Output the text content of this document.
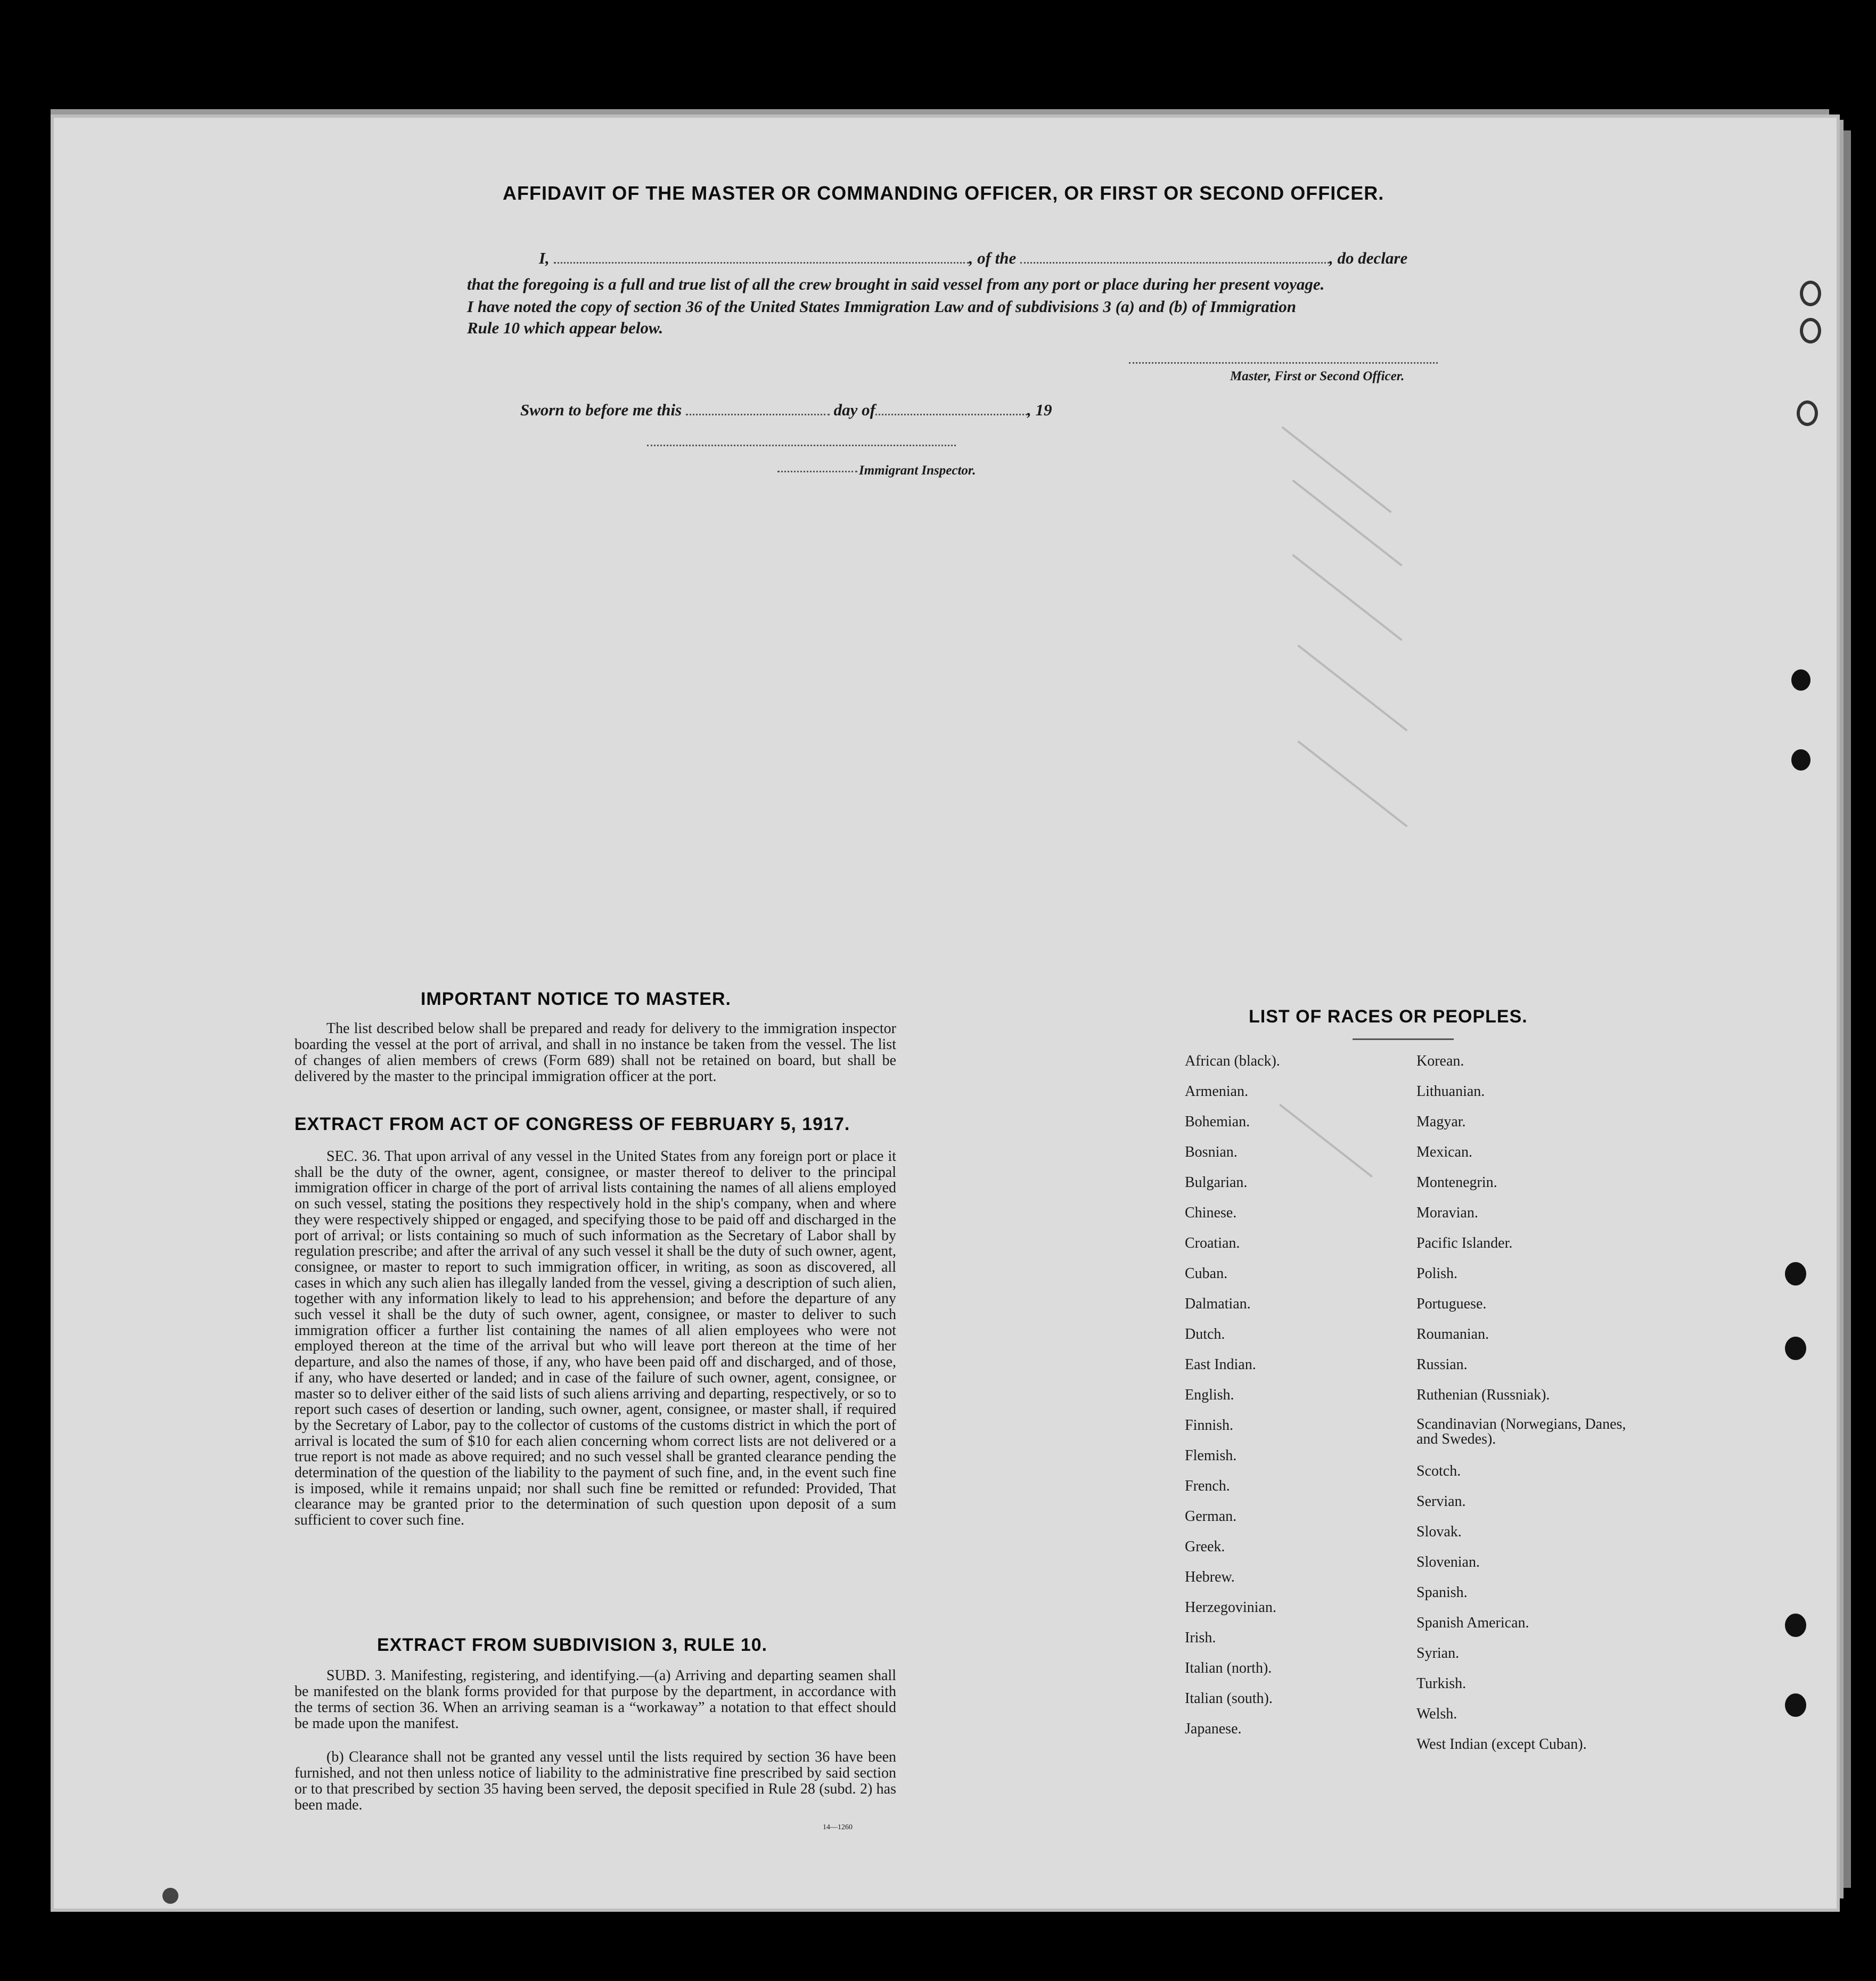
AFFIDAVIT OF THE MASTER OR COMMANDING OFFICER, OR FIRST OR SECOND OFFICER.
I,	, of the	, do declare
that the foregoing is a full and true list of all the crew brought in said vessel from any port or place during her present voyage.
I have noted the copy of section 36 of the United States Immigration Law and of subdivisions 3 (a) and (b) of Immigration
Rule 10 which appear below.
Master, First or Second Officer.
Sworn to before me this	day of	, 19
Immigrant Inspector.
IMPORTANT NOTICE TO MASTER.
The list described below shall be prepared and ready for delivery to the immigration inspector boarding the vessel at the port of arrival, and shall in no instance be taken from the vessel. The list of changes of alien members of crews (Form 689) shall not be retained on board, but shall be delivered by the master to the principal immigration officer at the port.
EXTRACT FROM ACT OF CONGRESS OF FEBRUARY 5, 1917.
SEC. 36. That upon arrival of any vessel in the United States from any foreign port or place it shall be the duty of the owner, agent, consignee, or master thereof to deliver to the principal immigration officer in charge of the port of arrival lists containing the names of all aliens employed on such vessel, stating the positions they respectively hold in the ship's company, when and where they were respectively shipped or engaged, and specifying those to be paid off and discharged in the port of arrival; or lists containing so much of such information as the Secretary of Labor shall by regulation prescribe; and after the arrival of any such vessel it shall be the duty of such owner, agent, consignee, or master to report to such immigration officer, in writing, as soon as discovered, all cases in which any such alien has illegally landed from the vessel, giving a description of such alien, together with any information likely to lead to his apprehension; and before the departure of any such vessel it shall be the duty of such owner, agent, consignee, or master to deliver to such immigration officer a further list containing the names of all alien employees who were not employed thereon at the time of the arrival but who will leave port thereon at the time of her departure, and also the names of those, if any, who have been paid off and discharged, and of those, if any, who have deserted or landed; and in case of the failure of such owner, agent, consignee, or master so to deliver either of the said lists of such aliens arriving and departing, respectively, or so to report such cases of desertion or landing, such owner, agent, consignee, or master shall, if required by the Secretary of Labor, pay to the collector of customs of the customs district in which the port of arrival is located the sum of $10 for each alien concerning whom correct lists are not delivered or a true report is not made as above required; and no such vessel shall be granted clearance pending the determination of the question of the liability to the payment of such fine, and, in the event such fine is imposed, while it remains unpaid; nor shall such fine be remitted or refunded: Provided, That clearance may be granted prior to the determination of such question upon deposit of a sum sufficient to cover such fine.
EXTRACT FROM SUBDIVISION 3, RULE 10.
SUBD. 3. Manifesting, registering, and identifying.—(a) Arriving and departing seamen shall be manifested on the blank forms provided for that purpose by the department, in accordance with the terms of section 36. When an arriving seaman is a “workaway” a notation to that effect should be made upon the manifest.
(b) Clearance shall not be granted any vessel until the lists required by section 36 have been furnished, and not then unless notice of liability to the administrative fine prescribed by said section or to that prescribed by section 35 having been served, the deposit specified in Rule 28 (subd. 2) has been made.
14—1260
LIST OF RACES OR PEOPLES.
African (black).
Armenian.
Bohemian.
Bosnian.
Bulgarian.
Chinese.
Croatian.
Cuban.
Dalmatian.
Dutch.
East Indian.
English.
Finnish.
Flemish.
French.
German.
Greek.
Hebrew.
Herzegovinian.
Irish.
Italian (north).
Italian (south).
Japanese.
Korean.
Lithuanian.
Magyar.
Mexican.
Montenegrin.
Moravian.
Pacific Islander.
Polish.
Portuguese.
Roumanian.
Russian.
Ruthenian (Russniak).
Scandinavian (Norwegians, Danes, and Swedes).
Scotch.
Servian.
Slovak.
Slovenian.
Spanish.
Spanish American.
Syrian.
Turkish.
Welsh.
West Indian (except Cuban).
